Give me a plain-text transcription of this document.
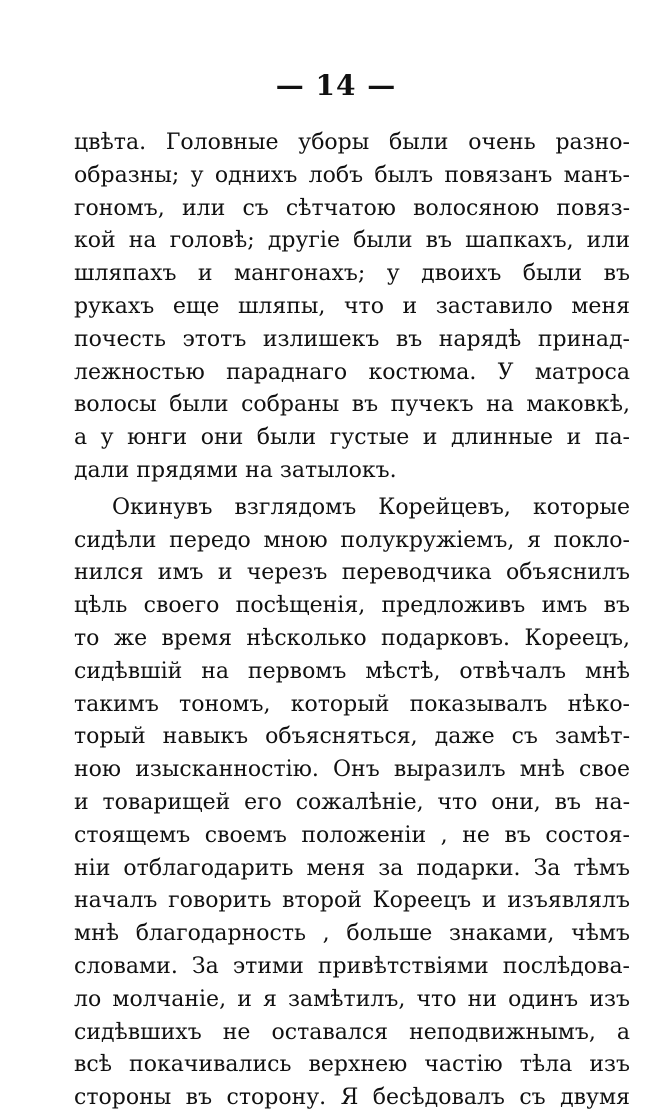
— 14 —
цвѣта. Головные уборы были очень разно-
образны; у однихъ лобъ былъ повязанъ манъ-
гономъ, или съ сѣтчатою волосяною повяз-
кой на головѣ; другіе были въ шапкахъ, или
шляпахъ и мангонахъ; у двоихъ были въ
рукахъ еще шляпы, что и заставило меня
почесть этотъ излишекъ въ нарядѣ принад-
лежностью параднаго костюма. У матроса
волосы были собраны въ пучекъ на маковкѣ,
а у юнги они были густые и длинные и па-
дали прядями на затылокъ.
Окинувъ взглядомъ Корейцевъ, которые
сидѣли передо мною полукружіемъ, я покло-
нился имъ и черезъ переводчика объяснилъ
цѣль своего посѣщенія, предложивъ имъ въ
то же время нѣсколько подарковъ. Кореецъ,
сидѣвшій на первомъ мѣстѣ, отвѣчалъ мнѣ
такимъ тономъ, который показывалъ нѣко-
торый навыкъ объясняться, даже съ замѣт-
ною изысканностію. Онъ выразилъ мнѣ свое
и товарищей его сожалѣніе, что они, въ на-
стоящемъ своемъ положеніи , не въ состоя-
ніи отблагодарить меня за подарки. За тѣмъ
началъ говорить второй Кореецъ и изъявлялъ
мнѣ благодарность , больше знаками, чѣмъ
словами. За этими привѣтствіями послѣдова-
ло молчаніе, и я замѣтилъ, что ни одинъ изъ
сидѣвшихъ не оставался неподвижнымъ, а
всѣ покачивались верхнею частію тѣла изъ
стороны въ сторону. Я бесѣдовалъ съ двумя
